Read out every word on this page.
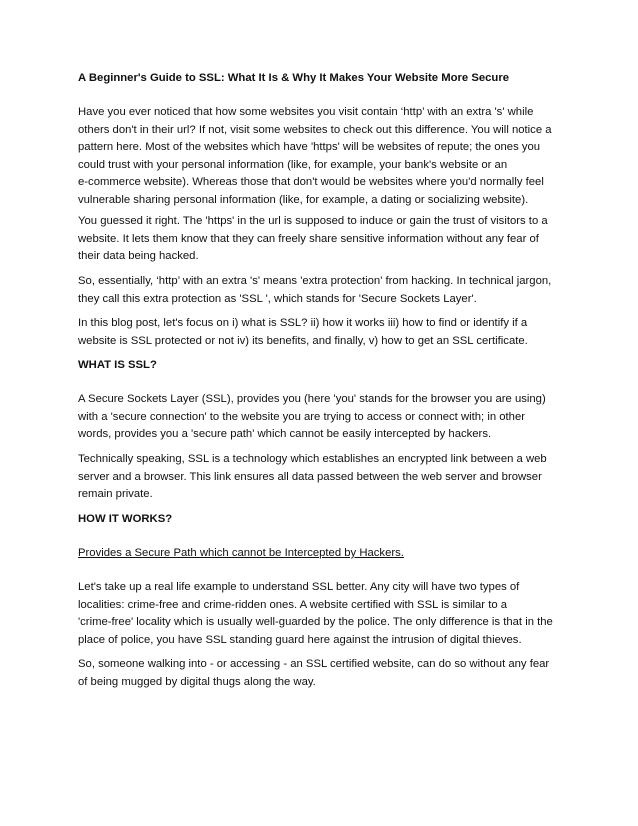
A Beginner's Guide to SSL: What It Is & Why It Makes Your Website More Secure
Have you ever noticed that how some websites you visit contain ‘http’ with an extra 's' while
others don't in their url? If not, visit some websites to check out this difference. You will notice a
pattern here. Most of the websites which have 'https' will be websites of repute; the ones you
could trust with your personal information (like, for example, your bank's website or an
e-commerce website). Whereas those that don't would be websites where you'd normally feel
vulnerable sharing personal information (like, for example, a dating or socializing website).
You guessed it right. The 'https' in the url is supposed to induce or gain the trust of visitors to a
website. It lets them know that they can freely share sensitive information without any fear of
their data being hacked.
So, essentially, ‘http’ with an extra 's' means 'extra protection' from hacking. In technical jargon,
they call this extra protection as 'SSL ', which stands for 'Secure Sockets Layer'.
In this blog post, let's focus on i) what is SSL? ii) how it works iii) how to find or identify if a
website is SSL protected or not iv) its benefits, and finally, v) how to get an SSL certificate.
WHAT IS SSL?
A Secure Sockets Layer (SSL), provides you (here 'you' stands for the browser you are using)
with a 'secure connection' to the website you are trying to access or connect with; in other
words, provides you a 'secure path' which cannot be easily intercepted by hackers.
Technically speaking, SSL is a technology which establishes an encrypted link between a web
server and a browser. This link ensures all data passed between the web server and browser
remain private.
HOW IT WORKS?
Provides a Secure Path which cannot be Intercepted by Hackers.
Let's take up a real life example to understand SSL better. Any city will have two types of
localities: crime-free and crime-ridden ones. A website certified with SSL is similar to a
'crime-free' locality which is usually well-guarded by the police. The only difference is that in the
place of police, you have SSL standing guard here against the intrusion of digital thieves.
So, someone walking into - or accessing - an SSL certified website, can do so without any fear
of being mugged by digital thugs along the way.
